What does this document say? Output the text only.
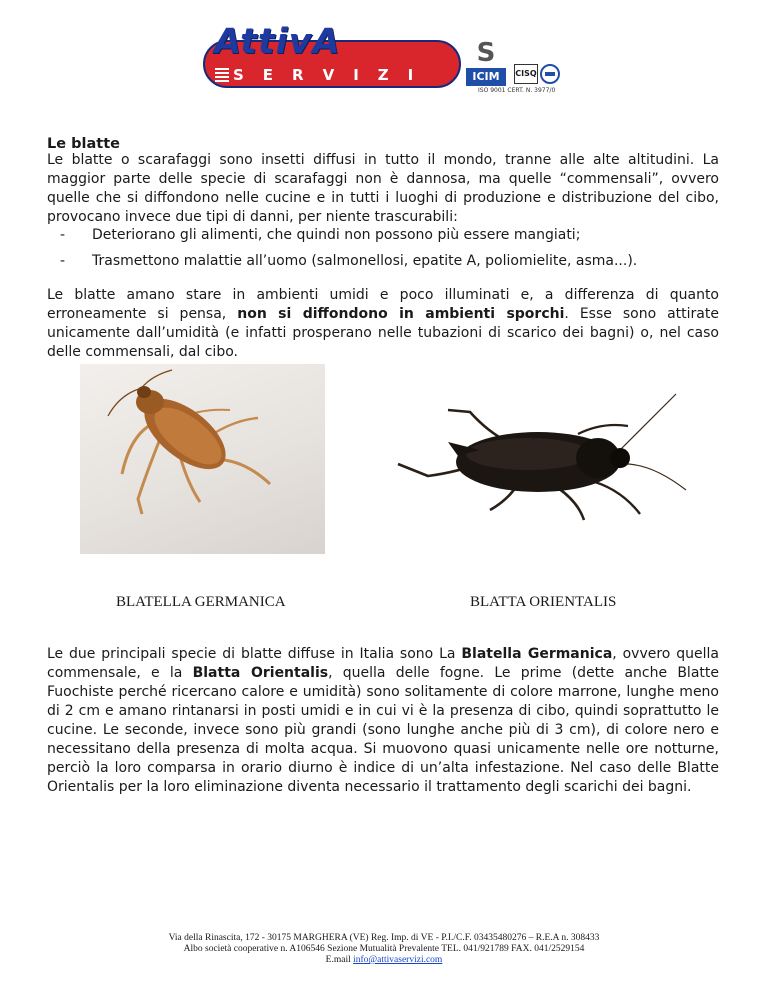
SERVIZI
AttivA	S
ICIM	CISQ
ISO 9001 CERT. N. 3977/0
Le blatte

Le blatte o scarafaggi sono insetti diffusi in tutto il mondo, tranne alle alte altitudini. La maggior parte delle specie di scarafaggi non è dannosa, ma quelle “commensali”, ovvero quelle che si diffondono nelle cucine e in tutti i luoghi di produzione e distribuzione del cibo, provocano invece due tipi di danni, per niente trascurabili:

- Deteriorano gli alimenti, che quindi non possono più essere mangiati;
- Trasmettono malattie all’uomo (salmonellosi, epatite A, poliomielite, asma...).

Le blatte amano stare in ambienti umidi e poco illuminati e, a differenza di quanto erroneamente si pensa, non si diffondono in ambienti sporchi. Esse sono attirate unicamente dall’umidità (e infatti prosperano nelle tubazioni di scarico dei bagni) o, nel caso delle commensali, dal cibo.

BLATELLA GERMANICA	BLATTA ORIENTALIS

Le due principali specie di blatte diffuse in Italia sono La Blatella Germanica, ovvero quella commensale, e la Blatta Orientalis, quella delle fogne. Le prime (dette anche Blatte Fuochiste perché ricercano calore e umidità) sono solitamente di colore marrone, lunghe meno di 2 cm e amano rintanarsi in posti umidi e in cui vi è la presenza di cibo, quindi soprattutto le cucine. Le seconde, invece sono più grandi (sono lunghe anche più di 3 cm), di colore nero e necessitano della presenza di molta acqua. Si muovono quasi unicamente nelle ore notturne, perciò la loro comparsa in orario diurno è indice di un’alta infestazione. Nel caso delle Blatte Orientalis per la loro eliminazione diventa necessario il trattamento degli scarichi dei bagni.

Via della Rinascita, 172 - 30175 MARGHERA (VE) Reg. Imp. di VE - P.I./C.F. 03435480276 – R.E.A n. 308433
Albo società cooperative n. A106546 Sezione Mutualità Prevalente TEL. 041/921789 FAX. 041/2529154
E.mail info@attivaservizi.com
